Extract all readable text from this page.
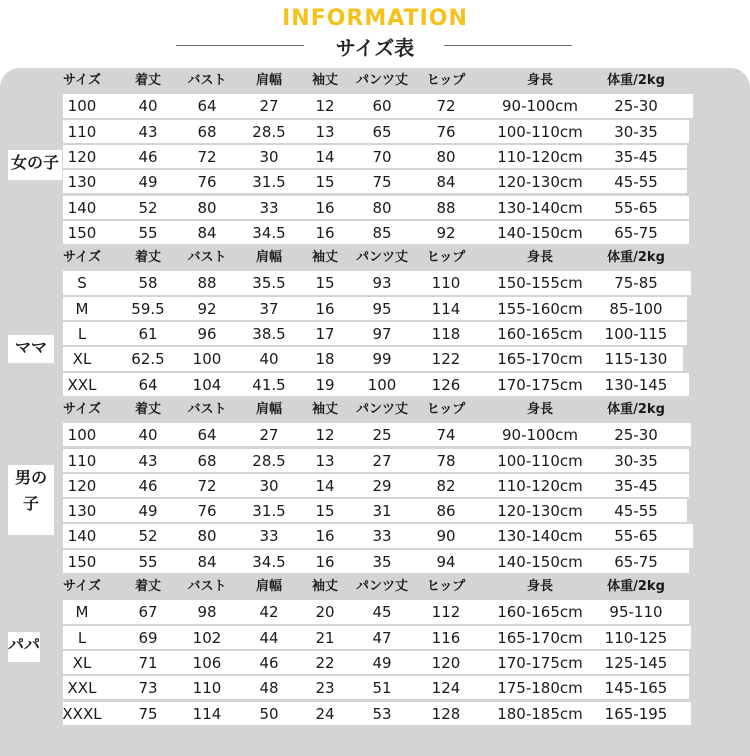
INFORMATION
サイズ表
サイズ	着丈	バスト	肩幅	袖丈	パンツ丈	ヒップ	身長	体重/2kg
100	40	64	27	12	60	72	90-100cm	25-30
110	43	68	28.5	13	65	76	100-110cm	30-35
120	46	72	30	14	70	80	110-120cm	35-45
130	49	76	31.5	15	75	84	120-130cm	45-55
140	52	80	33	16	80	88	130-140cm	55-65
150	55	84	34.5	16	85	92	140-150cm	65-75
女の子
サイズ	着丈	バスト	肩幅	袖丈	パンツ丈	ヒップ	身長	体重/2kg
S	58	88	35.5	15	93	110	150-155cm	75-85
M	59.5	92	37	16	95	114	155-160cm	85-100
L	61	96	38.5	17	97	118	160-165cm	100-115
XL	62.5	100	40	18	99	122	165-170cm	115-130
XXL	64	104	41.5	19	100	126	170-175cm	130-145
ママ
サイズ	着丈	バスト	肩幅	袖丈	パンツ丈	ヒップ	身長	体重/2kg
100	40	64	27	12	25	74	90-100cm	25-30
110	43	68	28.5	13	27	78	100-110cm	30-35
120	46	72	30	14	29	82	110-120cm	35-45
130	49	76	31.5	15	31	86	120-130cm	45-55
140	52	80	33	16	33	90	130-140cm	55-65
150	55	84	34.5	16	35	94	140-150cm	65-75
男の子
サイズ	着丈	バスト	肩幅	袖丈	パンツ丈	ヒップ	身長	体重/2kg
M	67	98	42	20	45	112	160-165cm	95-110
L	69	102	44	21	47	116	165-170cm	110-125
XL	71	106	46	22	49	120	170-175cm	125-145
XXL	73	110	48	23	51	124	175-180cm	145-165
XXXL	75	114	50	24	53	128	180-185cm	165-195
パパ
